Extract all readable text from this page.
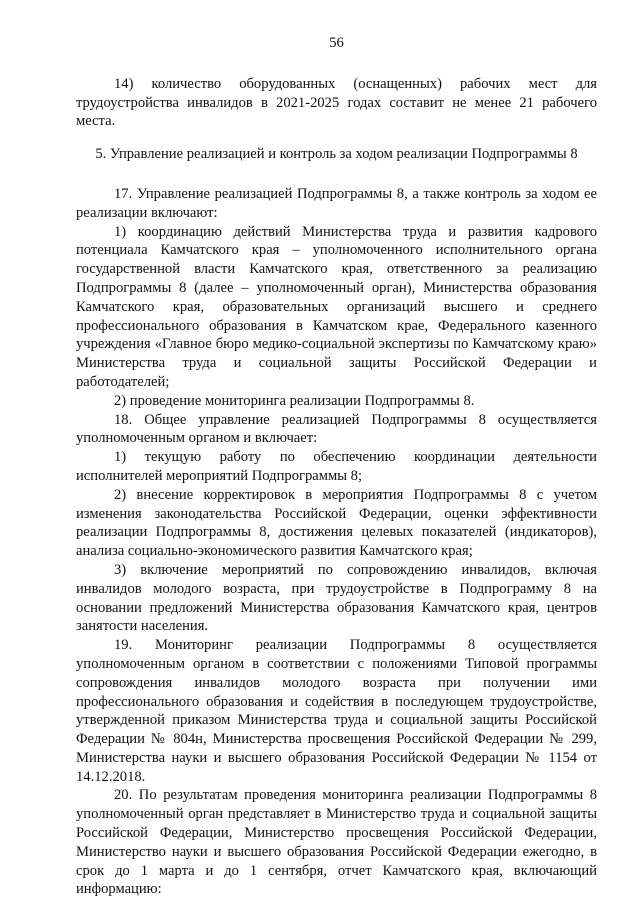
56

14) количество оборудованных (оснащенных) рабочих мест для трудоустройства инвалидов в 2021-2025 годах составит не менее 21 рабочего места.

5. Управление реализацией и контроль за ходом реализации Подпрограммы 8

17. Управление реализацией Подпрограммы 8, а также контроль за ходом ее реализации включают:

1) координацию действий Министерства труда и развития кадрового потенциала Камчатского края – уполномоченного исполнительного органа государственной власти Камчатского края, ответственного за реализацию Подпрограммы 8 (далее – уполномоченный орган), Министерства образования Камчатского края, образовательных организаций высшего и среднего профессионального образования в Камчатском крае, Федерального казенного учреждения «Главное бюро медико-социальной экспертизы по Камчатскому краю» Министерства труда и социальной защиты Российской Федерации и работодателей;

2) проведение мониторинга реализации Подпрограммы 8.

18. Общее управление реализацией Подпрограммы 8 осуществляется уполномоченным органом и включает:

1) текущую работу по обеспечению координации деятельности исполнителей мероприятий Подпрограммы 8;

2) внесение корректировок в мероприятия Подпрограммы 8 с учетом изменения законодательства Российской Федерации, оценки эффективности реализации Подпрограммы 8, достижения целевых показателей (индикаторов), анализа социально-экономического развития Камчатского края;

3) включение мероприятий по сопровождению инвалидов, включая инвалидов молодого возраста, при трудоустройстве в Подпрограмму 8 на основании предложений Министерства образования Камчатского края, центров занятости населения.

19. Мониторинг реализации Подпрограммы 8 осуществляется уполномоченным органом в соответствии с положениями Типовой программы сопровождения инвалидов молодого возраста при получении ими профессионального образования и содействия в последующем трудоустройстве, утвержденной приказом Министерства труда и социальной защиты Российской Федерации № 804н, Министерства просвещения Российской Федерации № 299, Министерства науки и высшего образования Российской Федерации № 1154 от 14.12.2018.

20. По результатам проведения мониторинга реализации Подпрограммы 8 уполномоченный орган представляет в Министерство труда и социальной защиты Российской Федерации, Министерство просвещения Российской Федерации, Министерство науки и высшего образования Российской Федерации ежегодно, в срок до 1 марта и до 1 сентября, отчет Камчатского края, включающий информацию:
